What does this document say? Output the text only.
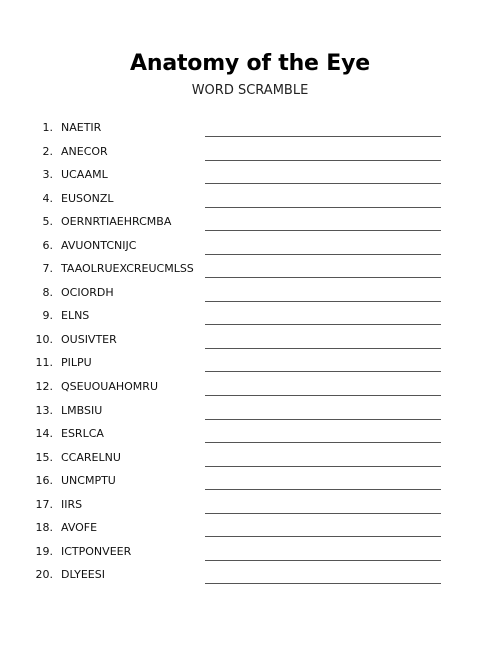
Anatomy of the Eye
WORD SCRAMBLE
1. NAETIR
2. ANECOR
3. UCAAML
4. EUSONZL
5. OERNRTIAEHRCMBA
6. AVUONTCNIJC
7. TAAOLRUEXCREUCMLSS
8. OCIORDH
9. ELNS
10. OUSIVTER
11. PILPU
12. QSEUOUAHOMRU
13. LMBSIU
14. ESRLCA
15. CCARELNU
16. UNCMPTU
17. IIRS
18. AVOFE
19. ICTPONVEER
20. DLYEESI
